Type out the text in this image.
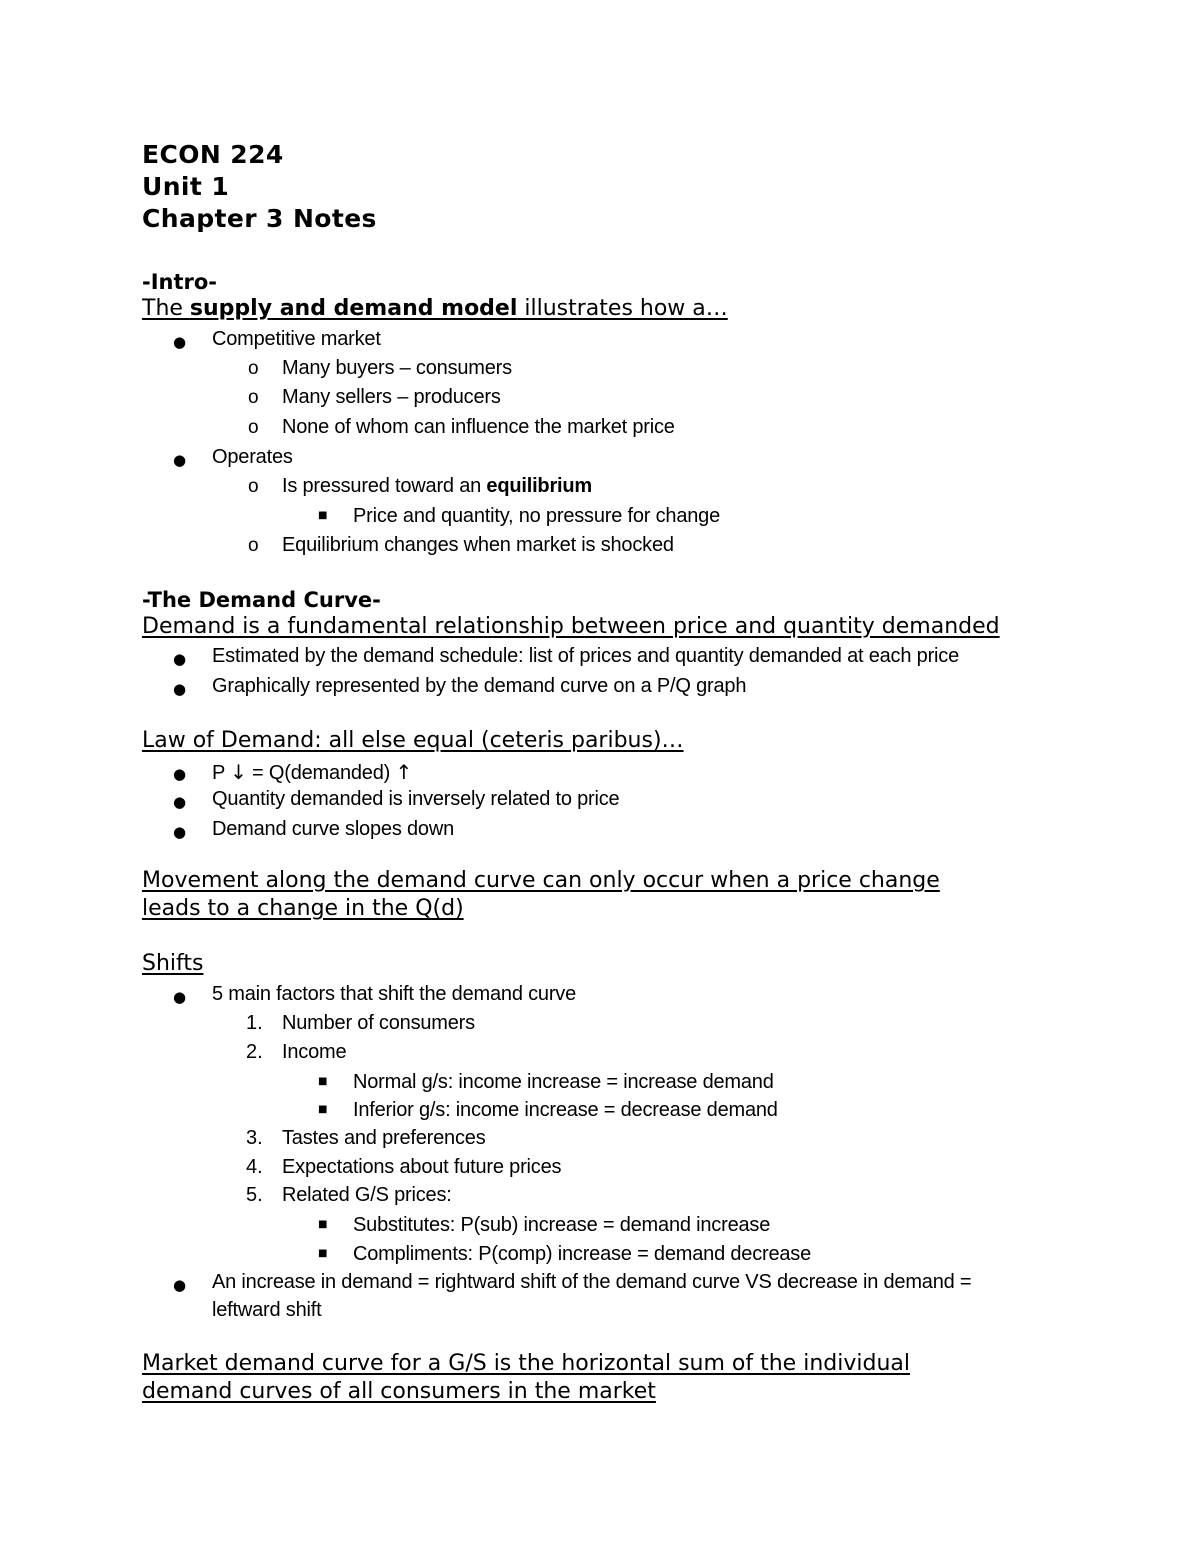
ECON 224
Unit 1
Chapter 3 Notes
-Intro-
The supply and demand model illustrates how a…
● Competitive market
o Many buyers – consumers
o Many sellers – producers
o None of whom can influence the market price
● Operates
o Is pressured toward an equilibrium
■ Price and quantity, no pressure for change
o Equilibrium changes when market is shocked
-The Demand Curve-
Demand is a fundamental relationship between price and quantity demanded
● Estimated by the demand schedule: list of prices and quantity demanded at each price
● Graphically represented by the demand curve on a P/Q graph
Law of Demand: all else equal (ceteris paribus)…
● P ↓ = Q(demanded) ↑
● Quantity demanded is inversely related to price
● Demand curve slopes down
Movement along the demand curve can only occur when a price change
leads to a change in the Q(d)
Shifts
● 5 main factors that shift the demand curve
1. Number of consumers
2. Income
■ Normal g/s: income increase = increase demand
■ Inferior g/s: income increase = decrease demand
3. Tastes and preferences
4. Expectations about future prices
5. Related G/S prices:
■ Substitutes: P(sub) increase = demand increase
■ Compliments: P(comp) increase = demand decrease
● An increase in demand = rightward shift of the demand curve VS decrease in demand =
leftward shift
Market demand curve for a G/S is the horizontal sum of the individual
demand curves of all consumers in the market
